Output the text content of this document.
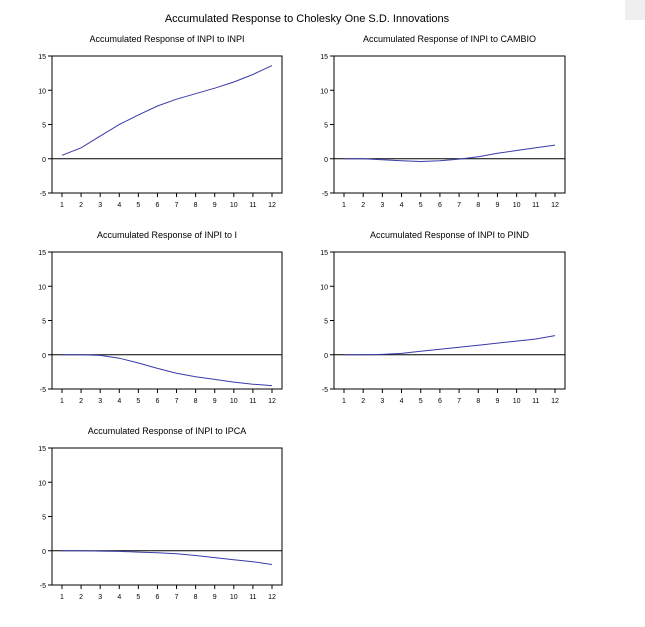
Accumulated Response to Cholesky One S.D. Innovations
Accumulated Response of INPI to INPI
-5
0
5
10
15
1 2 3 4 5 6 7 8 9 10 11 12
Accumulated Response of INPI to CAMBIO
-5
0
5
10
15
1 2 3 4 5 6 7 8 9 10 11 12
Accumulated Response of INPI to I
-5
0
5
10
15
1 2 3 4 5 6 7 8 9 10 11 12
Accumulated Response of INPI to PIND
-5
0
5
10
15
1 2 3 4 5 6 7 8 9 10 11 12
Accumulated Response of INPI to IPCA
-5
0
5
10
15
1 2 3 4 5 6 7 8 9 10 11 12
